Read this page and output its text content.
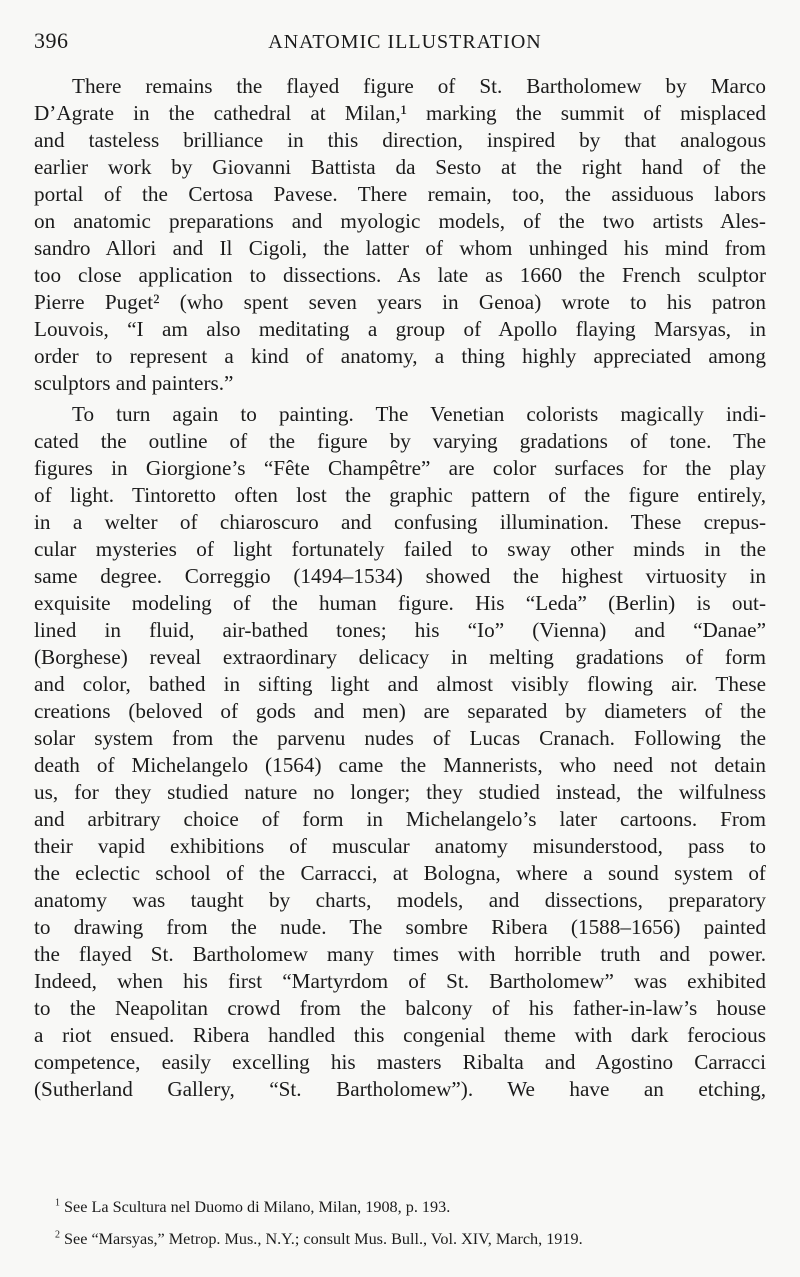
396	ANATOMIC ILLUSTRATION
There remains the flayed figure of St. Bartholomew by Marco
D’Agrate in the cathedral at Milan,¹ marking the summit of misplaced
and tasteless brilliance in this direction, inspired by that analogous
earlier work by Giovanni Battista da Sesto at the right hand of the
portal of the Certosa Pavese. There remain, too, the assiduous labors
on anatomic preparations and myologic models, of the two artists Ales-
sandro Allori and Il Cigoli, the latter of whom unhinged his mind from
too close application to dissections. As late as 1660 the French sculptor
Pierre Puget² (who spent seven years in Genoa) wrote to his patron
Louvois, “I am also meditating a group of Apollo flaying Marsyas, in
order to represent a kind of anatomy, a thing highly appreciated among
sculptors and painters.”
To turn again to painting. The Venetian colorists magically indi-
cated the outline of the figure by varying gradations of tone. The
figures in Giorgione’s “Fête Champêtre” are color surfaces for the play
of light. Tintoretto often lost the graphic pattern of the figure entirely,
in a welter of chiaroscuro and confusing illumination. These crepus-
cular mysteries of light fortunately failed to sway other minds in the
same degree. Correggio (1494–1534) showed the highest virtuosity in
exquisite modeling of the human figure. His “Leda” (Berlin) is out-
lined in fluid, air-bathed tones; his “Io” (Vienna) and “Danae”
(Borghese) reveal extraordinary delicacy in melting gradations of form
and color, bathed in sifting light and almost visibly flowing air. These
creations (beloved of gods and men) are separated by diameters of the
solar system from the parvenu nudes of Lucas Cranach. Following the
death of Michelangelo (1564) came the Mannerists, who need not detain
us, for they studied nature no longer; they studied instead, the wilfulness
and arbitrary choice of form in Michelangelo’s later cartoons. From
their vapid exhibitions of muscular anatomy misunderstood, pass to
the eclectic school of the Carracci, at Bologna, where a sound system of
anatomy was taught by charts, models, and dissections, preparatory
to drawing from the nude. The sombre Ribera (1588–1656) painted
the flayed St. Bartholomew many times with horrible truth and power.
Indeed, when his first “Martyrdom of St. Bartholomew” was exhibited
to the Neapolitan crowd from the balcony of his father-in-law’s house
a riot ensued. Ribera handled this congenial theme with dark ferocious
competence, easily excelling his masters Ribalta and Agostino Carracci
(Sutherland Gallery, “St. Bartholomew”). We have an etching,
$^1$ See La Scultura nel Duomo di Milano, Milan, 1908, p. 193.
$^2$ See “Marsyas,” Metrop. Mus., N.Y.; consult Mus. Bull., Vol. XIV, March, 1919.
